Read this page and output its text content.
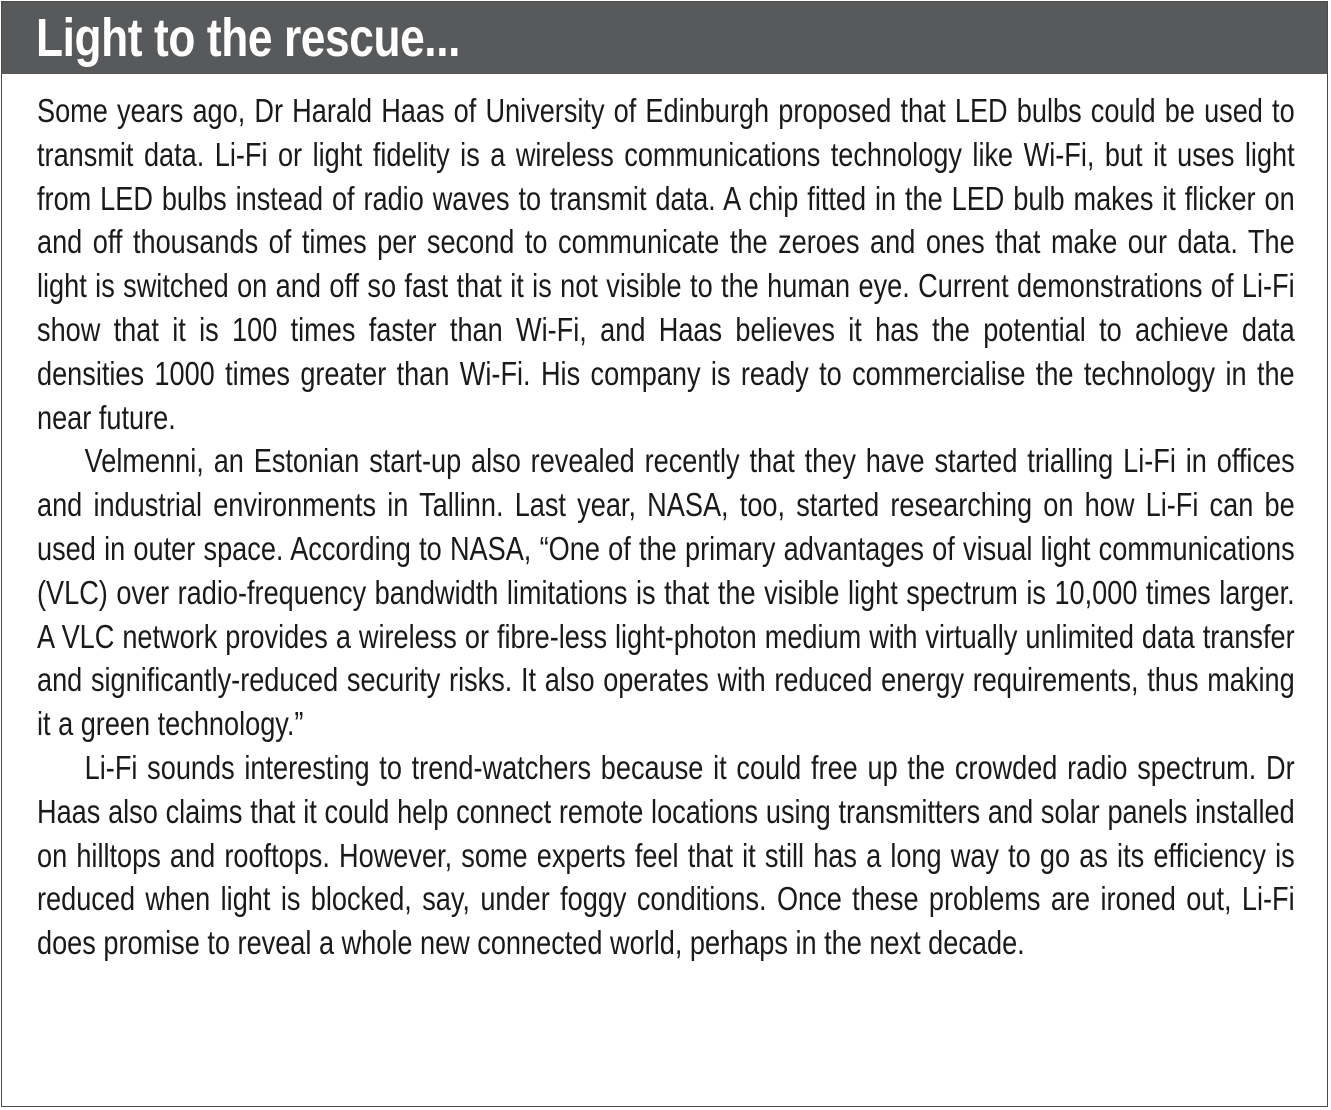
Light to the rescue...

Some years ago, Dr Harald Haas of University of Edinburgh proposed that LED bulbs could be used to transmit data. Li-Fi or light fidelity is a wireless communications technology like Wi-Fi, but it uses light from LED bulbs instead of radio waves to transmit data. A chip fitted in the LED bulb makes it flicker on and off thousands of times per second to communicate the zeroes and ones that make our data. The light is switched on and off so fast that it is not visible to the human eye. Current demonstrations of Li-Fi show that it is 100 times faster than Wi-Fi, and Haas believes it has the potential to achieve data densities 1000 times greater than Wi-Fi. His company is ready to commercialise the technology in the near future.

Velmenni, an Estonian start-up also revealed recently that they have started trialling Li-Fi in offices and industrial environments in Tallinn. Last year, NASA, too, started researching on how Li-Fi can be used in outer space. According to NASA, “One of the primary advantages of visual light communications (VLC) over radio-frequency bandwidth limitations is that the visible light spectrum is 10,000 times larger. A VLC network provides a wireless or fibre-less light-photon medium with virtually unlimited data transfer and significantly-reduced security risks. It also operates with reduced energy requirements, thus making it a green technology.”

Li-Fi sounds interesting to trend-watchers because it could free up the crowded radio spectrum. Dr Haas also claims that it could help connect remote locations using transmitters and solar panels installed on hilltops and rooftops. However, some experts feel that it still has a long way to go as its efficiency is reduced when light is blocked, say, under foggy conditions. Once these problems are ironed out, Li-Fi does promise to reveal a whole new connected world, perhaps in the next decade.
